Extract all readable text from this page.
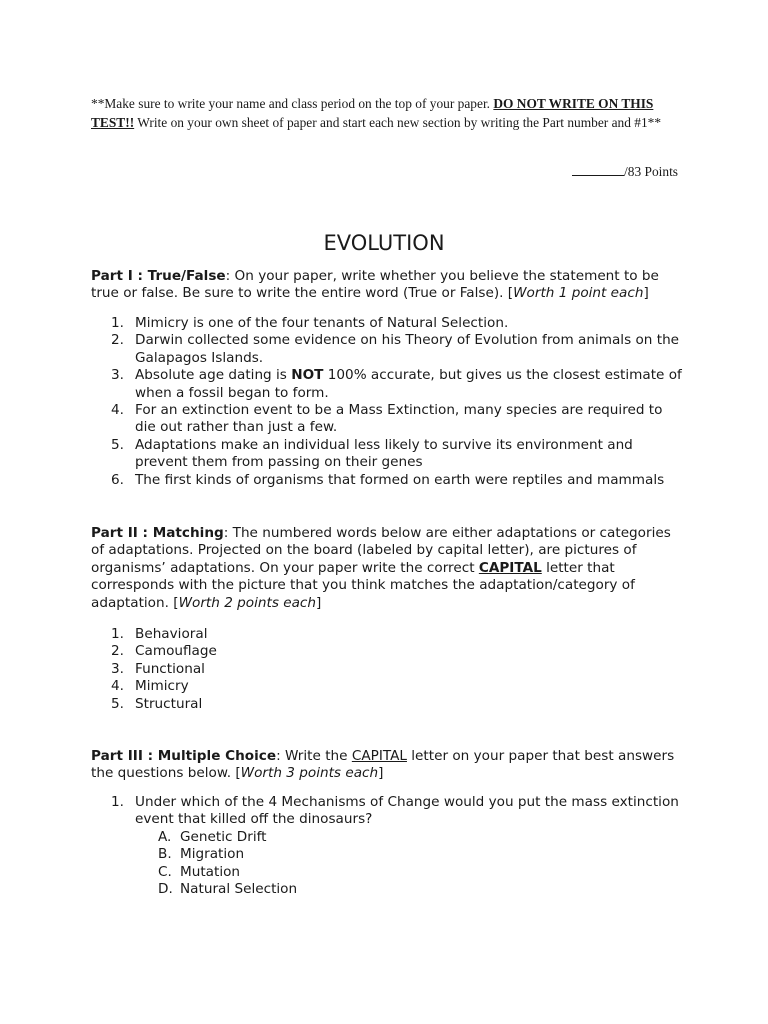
**Make sure to write your name and class period on the top of your paper. DO NOT WRITE ON THIS TEST!! Write on your own sheet of paper and start each new section by writing the Part number and #1**
/83 Points
EVOLUTION
Part I : True/False: On your paper, write whether you believe the statement to be true or false. Be sure to write the entire word (True or False). [Worth 1 point each]
1. Mimicry is one of the four tenants of Natural Selection.
2. Darwin collected some evidence on his Theory of Evolution from animals on the Galapagos Islands.
3. Absolute age dating is NOT 100% accurate, but gives us the closest estimate of when a fossil began to form.
4. For an extinction event to be a Mass Extinction, many species are required to die out rather than just a few.
5. Adaptations make an individual less likely to survive its environment and prevent them from passing on their genes
6. The first kinds of organisms that formed on earth were reptiles and mammals
Part II : Matching: The numbered words below are either adaptations or categories of adaptations. Projected on the board (labeled by capital letter), are pictures of organisms’ adaptations. On your paper write the correct CAPITAL letter that corresponds with the picture that you think matches the adaptation/category of adaptation. [Worth 2 points each]
1. Behavioral
2. Camouflage
3. Functional
4. Mimicry
5. Structural
Part III : Multiple Choice: Write the CAPITAL letter on your paper that best answers the questions below. [Worth 3 points each]
1. Under which of the 4 Mechanisms of Change would you put the mass extinction event that killed off the dinosaurs?
A. Genetic Drift
B. Migration
C. Mutation
D. Natural Selection
